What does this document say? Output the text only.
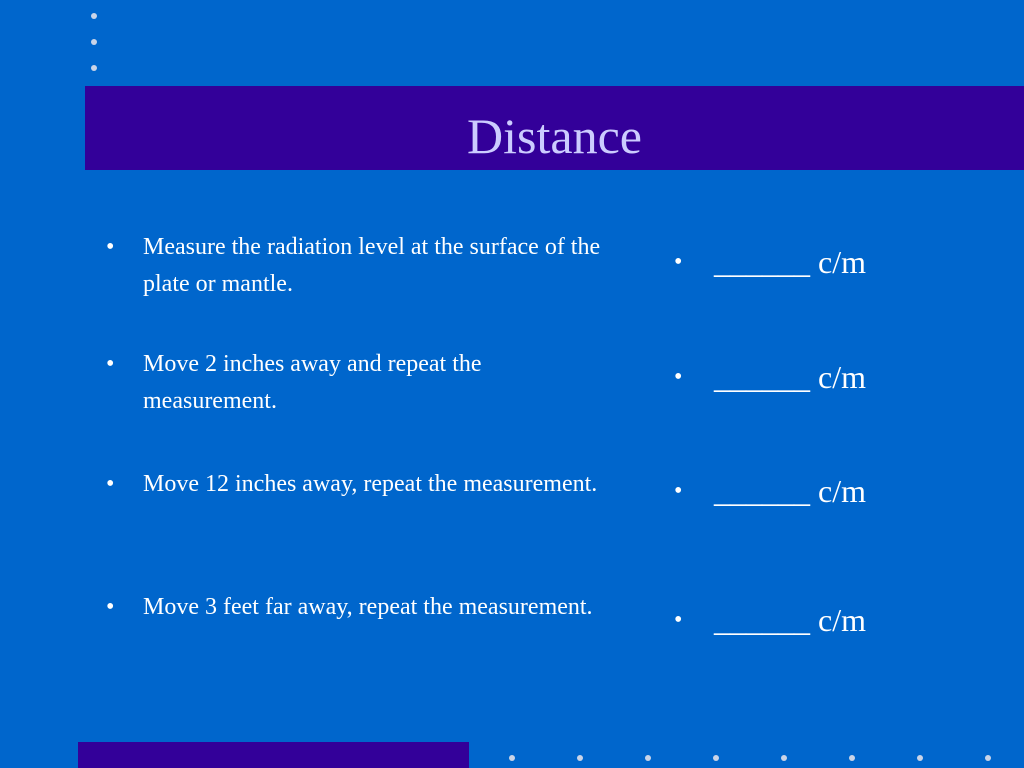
Distance
• Measure the radiation level at the surface of the plate or mantle.
• Move 2 inches away and repeat the measurement.
• Move 12 inches away, repeat the measurement.
• Move 3 feet far away, repeat the measurement.
• ______ c/m
• ______ c/m
• ______ c/m
• ______ c/m
